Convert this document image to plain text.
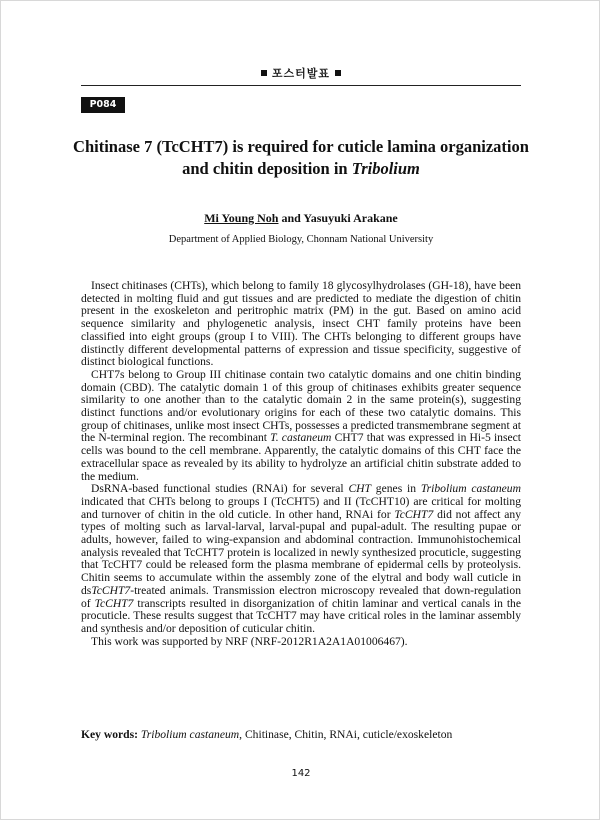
포스터발표
P084
Chitinase 7 (TcCHT7) is required for cuticle lamina organization and chitin deposition in Tribolium
Mi Young Noh and Yasuyuki Arakane
Department of Applied Biology, Chonnam National University

Insect chitinases (CHTs), which belong to family 18 glycosylhydrolases (GH-18), have been detected in molting fluid and gut tissues and are predicted to mediate the digestion of chitin present in the exoskeleton and peritrophic matrix (PM) in the gut. Based on amino acid sequence similarity and phylogenetic analysis, insect CHT family proteins have been classified into eight groups (group I to VIII). The CHTs belonging to different groups have distinctly different developmental patterns of expression and tissue specificity, suggestive of distinct biological functions.

CHT7s belong to Group III chitinase contain two catalytic domains and one chitin binding domain (CBD). The catalytic domain 1 of this group of chitinases exhibits greater sequence similarity to one another than to the catalytic domain 2 in the same protein(s), suggesting distinct functions and/or evolutionary origins for each of these two catalytic domains. This group of chitinases, unlike most insect CHTs, possesses a predicted transmembrane segment at the N-terminal region. The recombinant T. castaneum CHT7 that was expressed in Hi-5 insect cells was bound to the cell membrane. Apparently, the catalytic domains of this CHT face the extracellular space as revealed by its ability to hydrolyze an artificial chitin substrate added to the medium.

DsRNA-based functional studies (RNAi) for several CHT genes in Tribolium castaneum indicated that CHTs belong to groups I (TcCHT5) and II (TcCHT10) are critical for molting and turnover of chitin in the old cuticle. In other hand, RNAi for TcCHT7 did not affect any types of molting such as larval-larval, larval-pupal and pupal-adult. The resulting pupae or adults, however, failed to wing-expansion and abdominal contraction. Immunohistochemical analysis revealed that TcCHT7 protein is localized in newly synthesized procuticle, suggesting that TcCHT7 could be released form the plasma membrane of epidermal cells by proteolysis. Chitin seems to accumulate within the assembly zone of the elytral and body wall cuticle in dsTcCHT7-treated animals. Transmission electron microscopy revealed that down-regulation of TcCHT7 transcripts resulted in disorganization of chitin laminar and vertical canals in the procuticle. These results suggest that TcCHT7 may have critical roles in the laminar assembly and synthesis and/or deposition of cuticular chitin.

This work was supported by NRF (NRF-2012R1A2A1A01006467).

Key words: Tribolium castaneum, Chitinase, Chitin, RNAi, cuticle/exoskeleton
142
